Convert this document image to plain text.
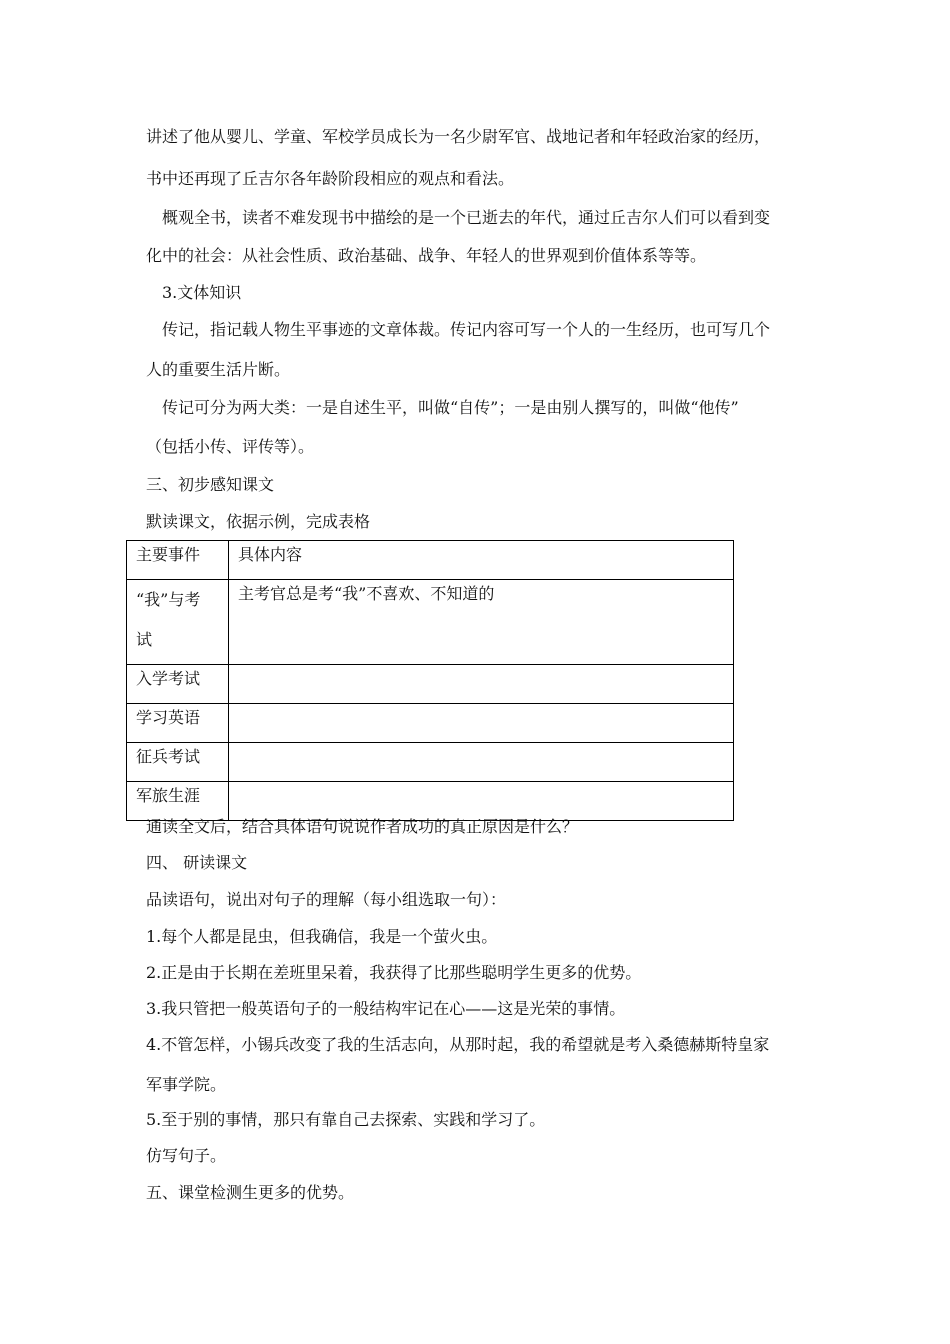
讲述了他从婴儿、学童、军校学员成长为一名少尉军官、战地记者和年轻政治家的经历，
书中还再现了丘吉尔各年龄阶段相应的观点和看法。
概观全书，读者不难发现书中描绘的是一个已逝去的年代，通过丘吉尔人们可以看到变
化中的社会：从社会性质、政治基础、战争、年轻人的世界观到价值体系等等。
3.文体知识
传记，指记载人物生平事迹的文章体裁。传记内容可写一个人的一生经历，也可写几个
人的重要生活片断。
传记可分为两大类：一是自述生平，叫做“自传”；一是由别人撰写的，叫做“他传”
（包括小传、评传等）。
三、初步感知课文
默读课文，依据示例，完成表格
主要事件	具体内容

“我”与考
试	主考官总是考“我”不喜欢、不知道的

入学考试	
学习英语	
征兵考试	
军旅生涯	
通读全文后，结合具体语句说说作者成功的真正原因是什么？
四、 研读课文
品读语句，说出对句子的理解（每小组选取一句）：
1.每个人都是昆虫，但我确信，我是一个萤火虫。
2.正是由于长期在差班里呆着，我获得了比那些聪明学生更多的优势。
3.我只管把一般英语句子的一般结构牢记在心——这是光荣的事情。
4.不管怎样，小锡兵改变了我的生活志向，从那时起，我的希望就是考入桑德赫斯特皇家
军事学院。
5.至于别的事情，那只有靠自己去探索、实践和学习了。
仿写句子。
五、课堂检测生更多的优势。
